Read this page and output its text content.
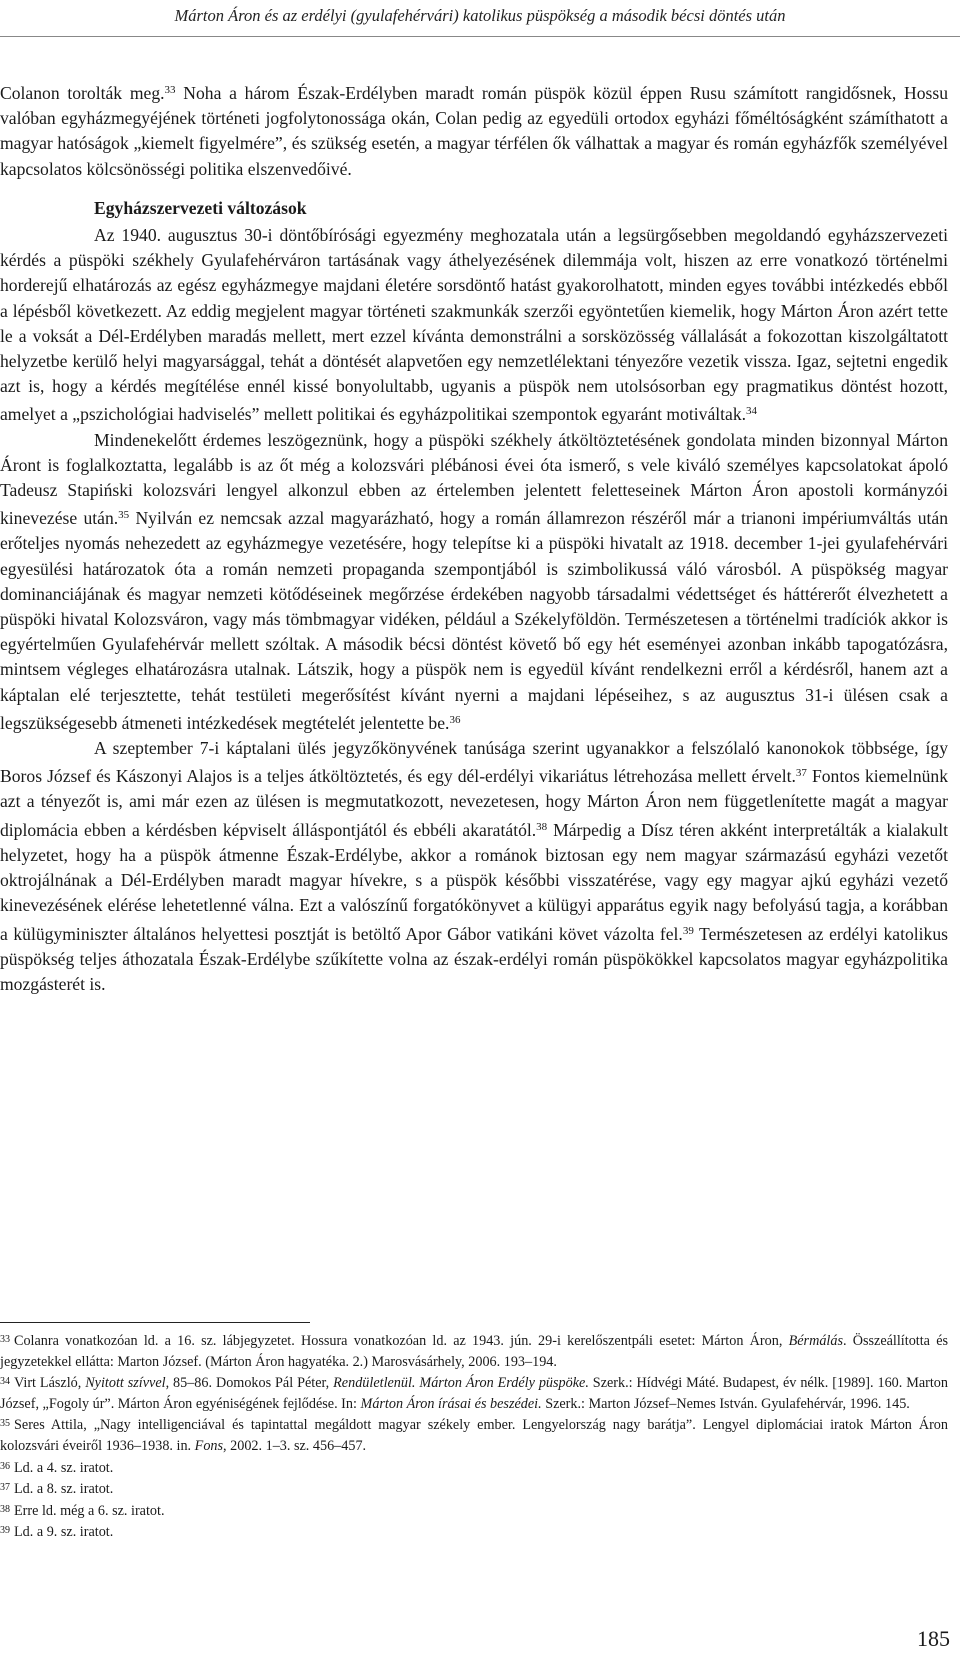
Márton Áron és az erdélyi (gyulafehérvári) katolikus püspökség a második bécsi döntés után

Colanon torolták meg.$^{33}$ Noha a három Észak-Erdélyben maradt román püspök közül éppen Rusu számított rangidősnek, Hossu valóban egyházmegyéjének történeti jogfolytonossága okán, Colan pedig az egyedüli ortodox egyházi főméltóságként számíthatott a magyar hatóságok „kiemelt figyelmére”, és szükség esetén, a magyar térfélen ők válhattak a magyar és román egyházfők személyével kapcsolatos kölcsönösségi politika elszenvedőivé.

Egyházszervezeti változások

Az 1940. augusztus 30-i döntőbírósági egyezmény meghozatala után a legsürgősebben megoldandó egyházszervezeti kérdés a püspöki székhely Gyulafehérváron tartásának vagy áthelyezésének dilemmája volt, hiszen az erre vonatkozó történelmi horderejű elhatározás az egész egyházmegye majdani életére sorsdöntő hatást gyakorolhatott, minden egyes további intézkedés ebből a lépésből következett. Az eddig megjelent magyar történeti szakmunkák szerzői egyöntetűen kiemelik, hogy Márton Áron azért tette le a voksát a Dél-Erdélyben maradás mellett, mert ezzel kívánta demonstrálni a sorsközösség vállalását a fokozottan kiszolgáltatott helyzetbe kerülő helyi magyarsággal, tehát a döntését alapvetően egy nemzetlélektani tényezőre vezetik vissza. Igaz, sejtetni engedik azt is, hogy a kérdés megítélése ennél kissé bonyolultabb, ugyanis a püspök nem utolsósorban egy pragmatikus döntést hozott, amelyet a „pszichológiai hadviselés” mellett politikai és egyházpolitikai szempontok egyaránt motiváltak.$^{34}$

Mindenekelőtt érdemes leszögeznünk, hogy a püspöki székhely átköltöztetésének gondolata minden bizonnyal Márton Áront is foglalkoztatta, legalább is az őt még a kolozsvári plébánosi évei óta ismerő, s vele kiváló személyes kapcsolatokat ápoló Tadeusz Stapiński kolozsvári lengyel alkonzul ebben az értelemben jelentett feletteseinek Márton Áron apostoli kormányzói kinevezése után.$^{35}$ Nyilván ez nemcsak azzal magyarázható, hogy a román államrezon részéről már a trianoni impériumváltás után erőteljes nyomás nehezedett az egyházmegye vezetésére, hogy telepítse ki a püspöki hivatalt az 1918. december 1-jei gyulafehérvári egyesülési határozatok óta a román nemzeti propaganda szempontjából is szimbolikussá váló városból. A püspökség magyar dominanciájának és magyar nemzeti kötődéseinek megőrzése érdekében nagyobb társadalmi védettséget és háttérerőt élvezhetett a püspöki hivatal Kolozsváron, vagy más tömbmagyar vidéken, például a Székelyföldön. Természetesen a történelmi tradíciók akkor is egyértelműen Gyulafehérvár mellett szóltak. A második bécsi döntést követő bő egy hét eseményei azonban inkább tapogatózásra, mintsem végleges elhatározásra utalnak. Látszik, hogy a püspök nem is egyedül kívánt rendelkezni erről a kérdésről, hanem azt a káptalan elé terjesztette, tehát testületi megerősítést kívánt nyerni a majdani lépéseihez, s az augusztus 31-i ülésen csak a legszükségesebb átmeneti intézkedések megtételét jelentette be.$^{36}$

A szeptember 7-i káptalani ülés jegyzőkönyvének tanúsága szerint ugyanakkor a felszólaló kanonokok többsége, így Boros József és Kászonyi Alajos is a teljes átköltöztetés, és egy dél-erdélyi vikariátus létrehozása mellett érvelt.$^{37}$ Fontos kiemelnünk azt a tényezőt is, ami már ezen az ülésen is megmutatkozott, nevezetesen, hogy Márton Áron nem függetlenítette magát a magyar diplomácia ebben a kérdésben képviselt álláspontjától és ebbéli akaratától.$^{38}$ Márpedig a Dísz téren akként interpretálták a kialakult helyzetet, hogy ha a püspök átmenne Észak-Erdélybe, akkor a románok biztosan egy nem magyar származású egyházi vezetőt oktrojálnának a Dél-Erdélyben maradt magyar hívekre, s a püspök későbbi visszatérése, vagy egy magyar ajkú egyházi vezető kinevezésének elérése lehetetlenné válna. Ezt a valószínű forgatókönyvet a külügyi apparátus egyik nagy befolyású tagja, a korábban a külügyminiszter általános helyettesi posztját is betöltő Apor Gábor vatikáni követ vázolta fel.$^{39}$ Természetesen az erdélyi katolikus püspökség teljes áthozatala Észak-Erdélybe szűkítette volna az észak-erdélyi román püspökökkel kapcsolatos magyar egyházpolitika mozgásterét is.

$^{33}$ Colanra vonatkozóan ld. a 16. sz. lábjegyzetet. Hossura vonatkozóan ld. az 1943. jún. 29-i kerelőszentpáli esetet: Márton Áron, Bérmálás. Összeállította és jegyzetekkel ellátta: Marton József. (Márton Áron hagyatéka. 2.) Marosvásárhely, 2006. 193–194.

$^{34}$ Virt László, Nyitott szívvel, 85–86. Domokos Pál Péter, Rendületlenül. Márton Áron Erdély püspöke. Szerk.: Hídvégi Máté. Budapest, év nélk. [1989]. 160. Marton József, „Fogoly úr”. Márton Áron egyéniségének fejlődése. In: Márton Áron írásai és beszédei. Szerk.: Marton József–Nemes István. Gyulafehérvár, 1996. 145.

$^{35}$ Seres Attila, „Nagy intelligenciával és tapintattal megáldott magyar székely ember. Lengyelország nagy barátja”. Lengyel diplomáciai iratok Márton Áron kolozsvári éveiről 1936–1938. in. Fons, 2002. 1–3. sz. 456–457.

$^{36}$ Ld. a 4. sz. iratot.

$^{37}$ Ld. a 8. sz. iratot.

$^{38}$ Erre ld. még a 6. sz. iratot.

$^{39}$ Ld. a 9. sz. iratot.

185
